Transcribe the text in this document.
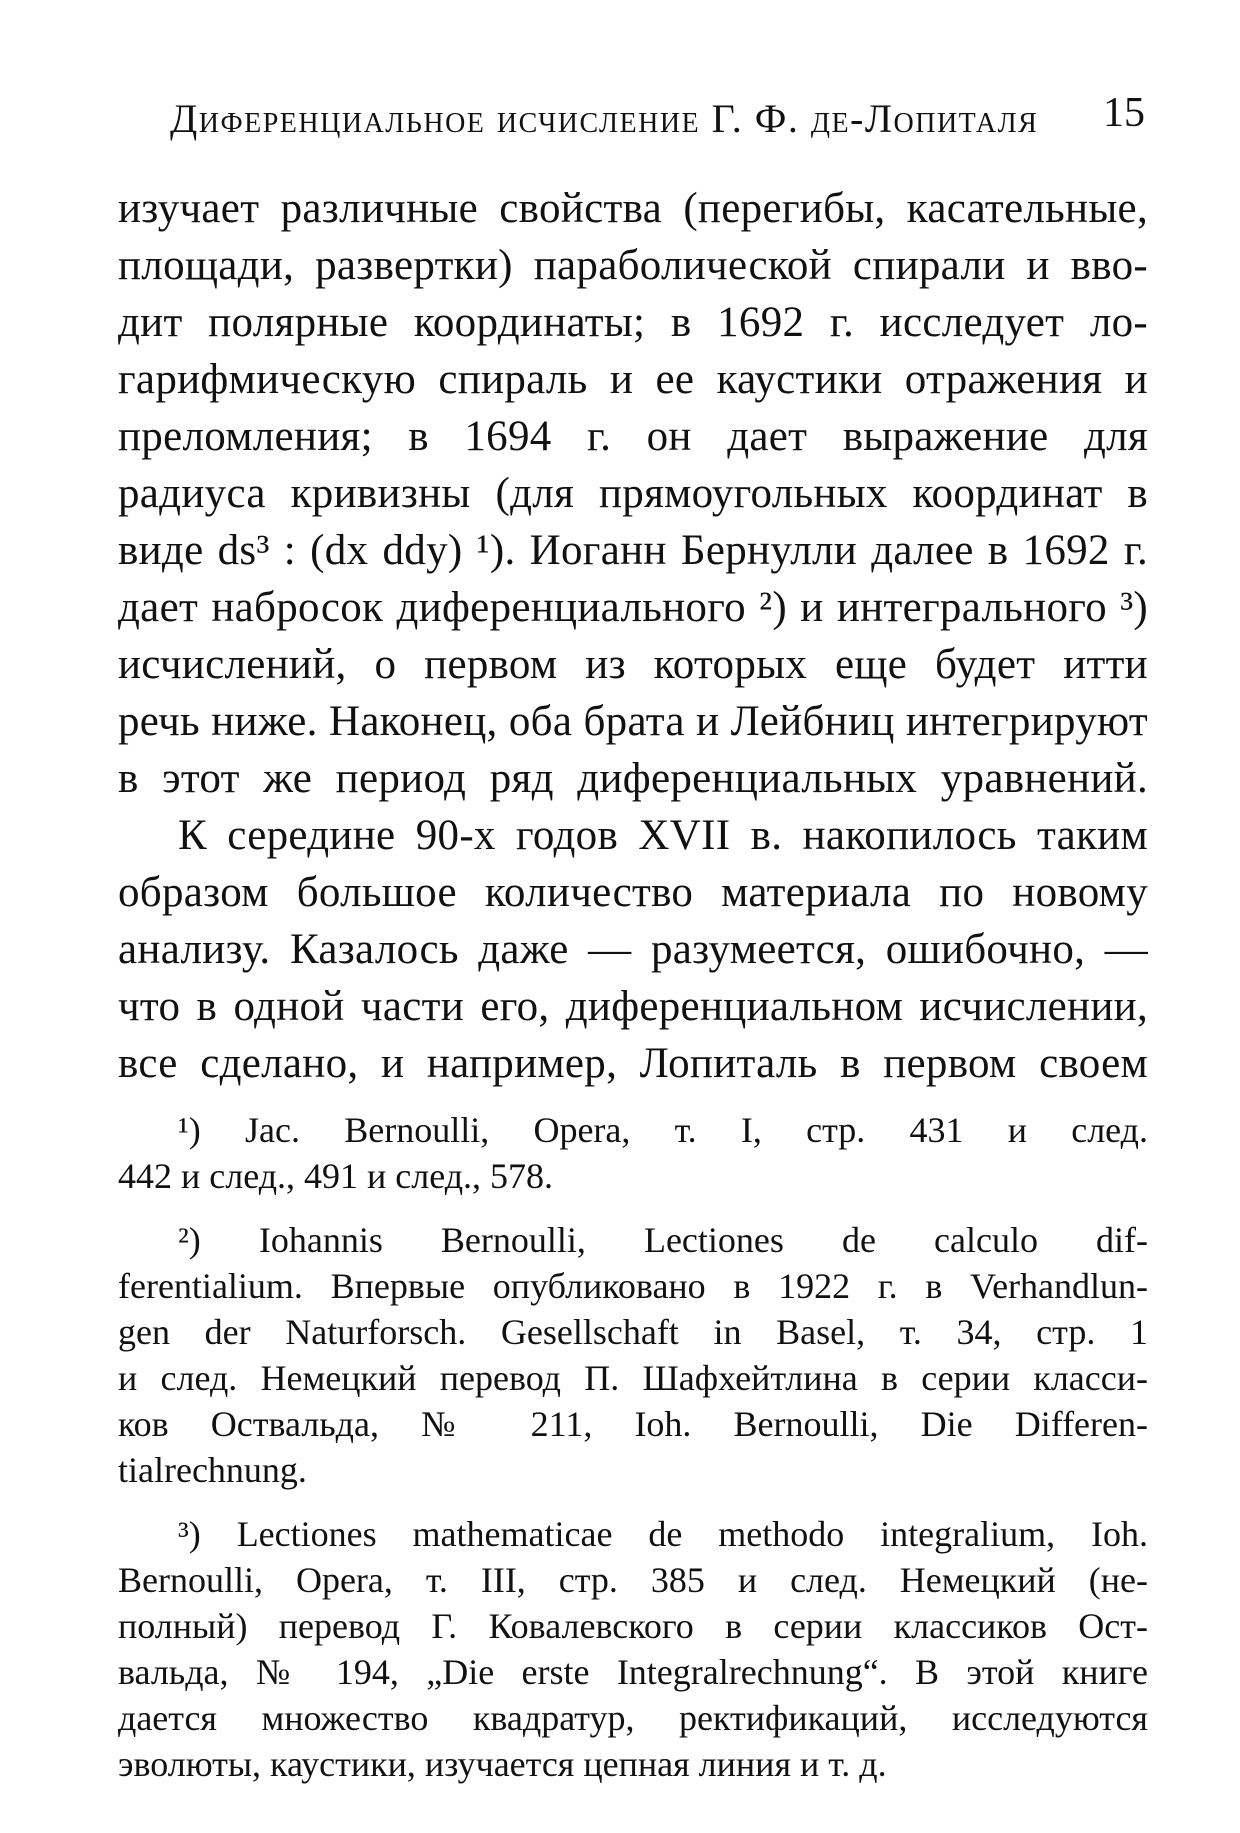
Диференциальное исчисление Г. Ф. де-Лопиталя 15
изучает различные свойства (перегибы, касательные,
площади, развертки) параболической спирали и вво-
дит полярные координаты; в 1692 г. исследует ло-
гарифмическую спираль и ее каустики отражения и
преломления; в 1694 г. он дает выражение для
радиуса кривизны (для прямоугольных координат в
виде ds³ : (dx ddy) ¹). Иоганн Бернулли далее в 1692 г.
дает набросок диференциального ²) и интегрального ³)
исчислений, о первом из которых еще будет итти
речь ниже. Наконец, оба брата и Лейбниц интегрируют
в этот же период ряд диференциальных уравнений.
К середине 90-х годов XVII в. накопилось таким
образом большое количество материала по новому
анализу. Казалось даже — разумеется, ошибочно, —
что в одной части его, диференциальном исчислении,
все сделано, и например, Лопиталь в первом своем
¹) Jac. Bernoulli, Opera, т. I, стр. 431 и след.
442 и след., 491 и след., 578.
²) Iohannis Bernoulli, Lectiones de calculo dif-
ferentialium. Впервые опубликовано в 1922 г. в Verhandlun-
gen der Naturforsch. Gesellschaft in Basel, т. 34, стр. 1
и след. Немецкий перевод П. Шафхейтлина в серии класси-
ков Оствальда, № 211, Ioh. Bernoulli, Die Differen-
tialrechnung.
³) Lectiones mathematicae de methodo integralium, Ioh.
Bernoulli, Opera, т. III, стр. 385 и след. Немецкий (не-
полный) перевод Г. Ковалевского в серии классиков Ост-
вальда, № 194, „Die erste Integralrechnung“. В этой книге
дается множество квадратур, ректификаций, исследуются
эволюты, каустики, изучается цепная линия и т. д.
